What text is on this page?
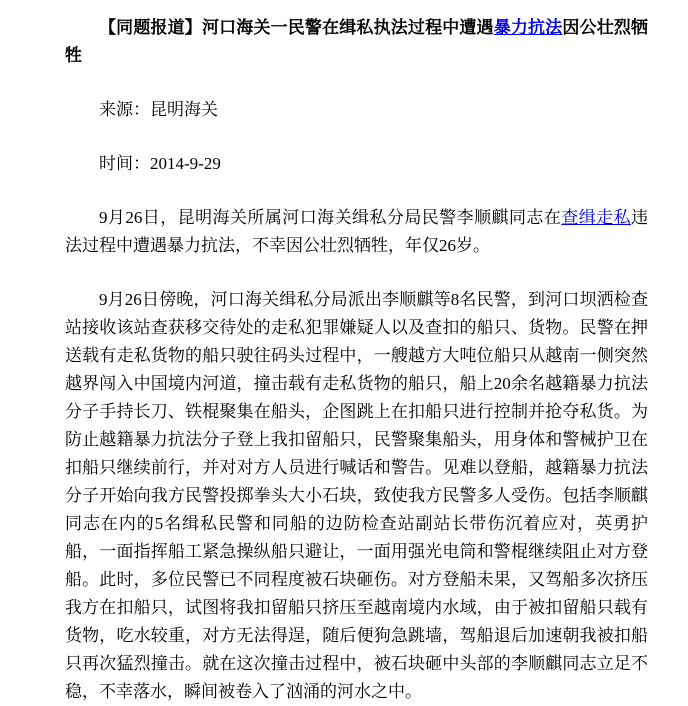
【同题报道】河口海关一民警在缉私执法过程中遭遇暴力抗法因公壮烈牺牲

来源：昆明海关

时间：2014-9-29

9月26日，昆明海关所属河口海关缉私分局民警李顺麒同志在查缉走私违法过程中遭遇暴力抗法，不幸因公壮烈牺牲，年仅26岁。

9月26日傍晚，河口海关缉私分局派出李顺麒等8名民警，到河口坝洒检查站接收该站查获移交待处的走私犯罪嫌疑人以及查扣的船只、货物。民警在押送载有走私货物的船只驶往码头过程中，一艘越方大吨位船只从越南一侧突然越界闯入中国境内河道，撞击载有走私货物的船只，船上20余名越籍暴力抗法分子手持长刀、铁棍聚集在船头，企图跳上在扣船只进行控制并抢夺私货。为防止越籍暴力抗法分子登上我扣留船只，民警聚集船头，用身体和警械护卫在扣船只继续前行，并对对方人员进行喊话和警告。见难以登船，越籍暴力抗法分子开始向我方民警投掷拳头大小石块，致使我方民警多人受伤。包括李顺麒同志在内的5名缉私民警和同船的边防检查站副站长带伤沉着应对，英勇护船，一面指挥船工紧急操纵船只避让，一面用强光电筒和警棍继续阻止对方登船。此时，多位民警已不同程度被石块砸伤。对方登船未果，又驾船多次挤压我方在扣船只，试图将我扣留船只挤压至越南境内水域，由于被扣留船只载有货物，吃水较重，对方无法得逞，随后便狗急跳墙，驾船退后加速朝我被扣船只再次猛烈撞击。就在这次撞击过程中，被石块砸中头部的李顺麒同志立足不稳，不幸落水，瞬间被卷入了汹涌的河水之中。
